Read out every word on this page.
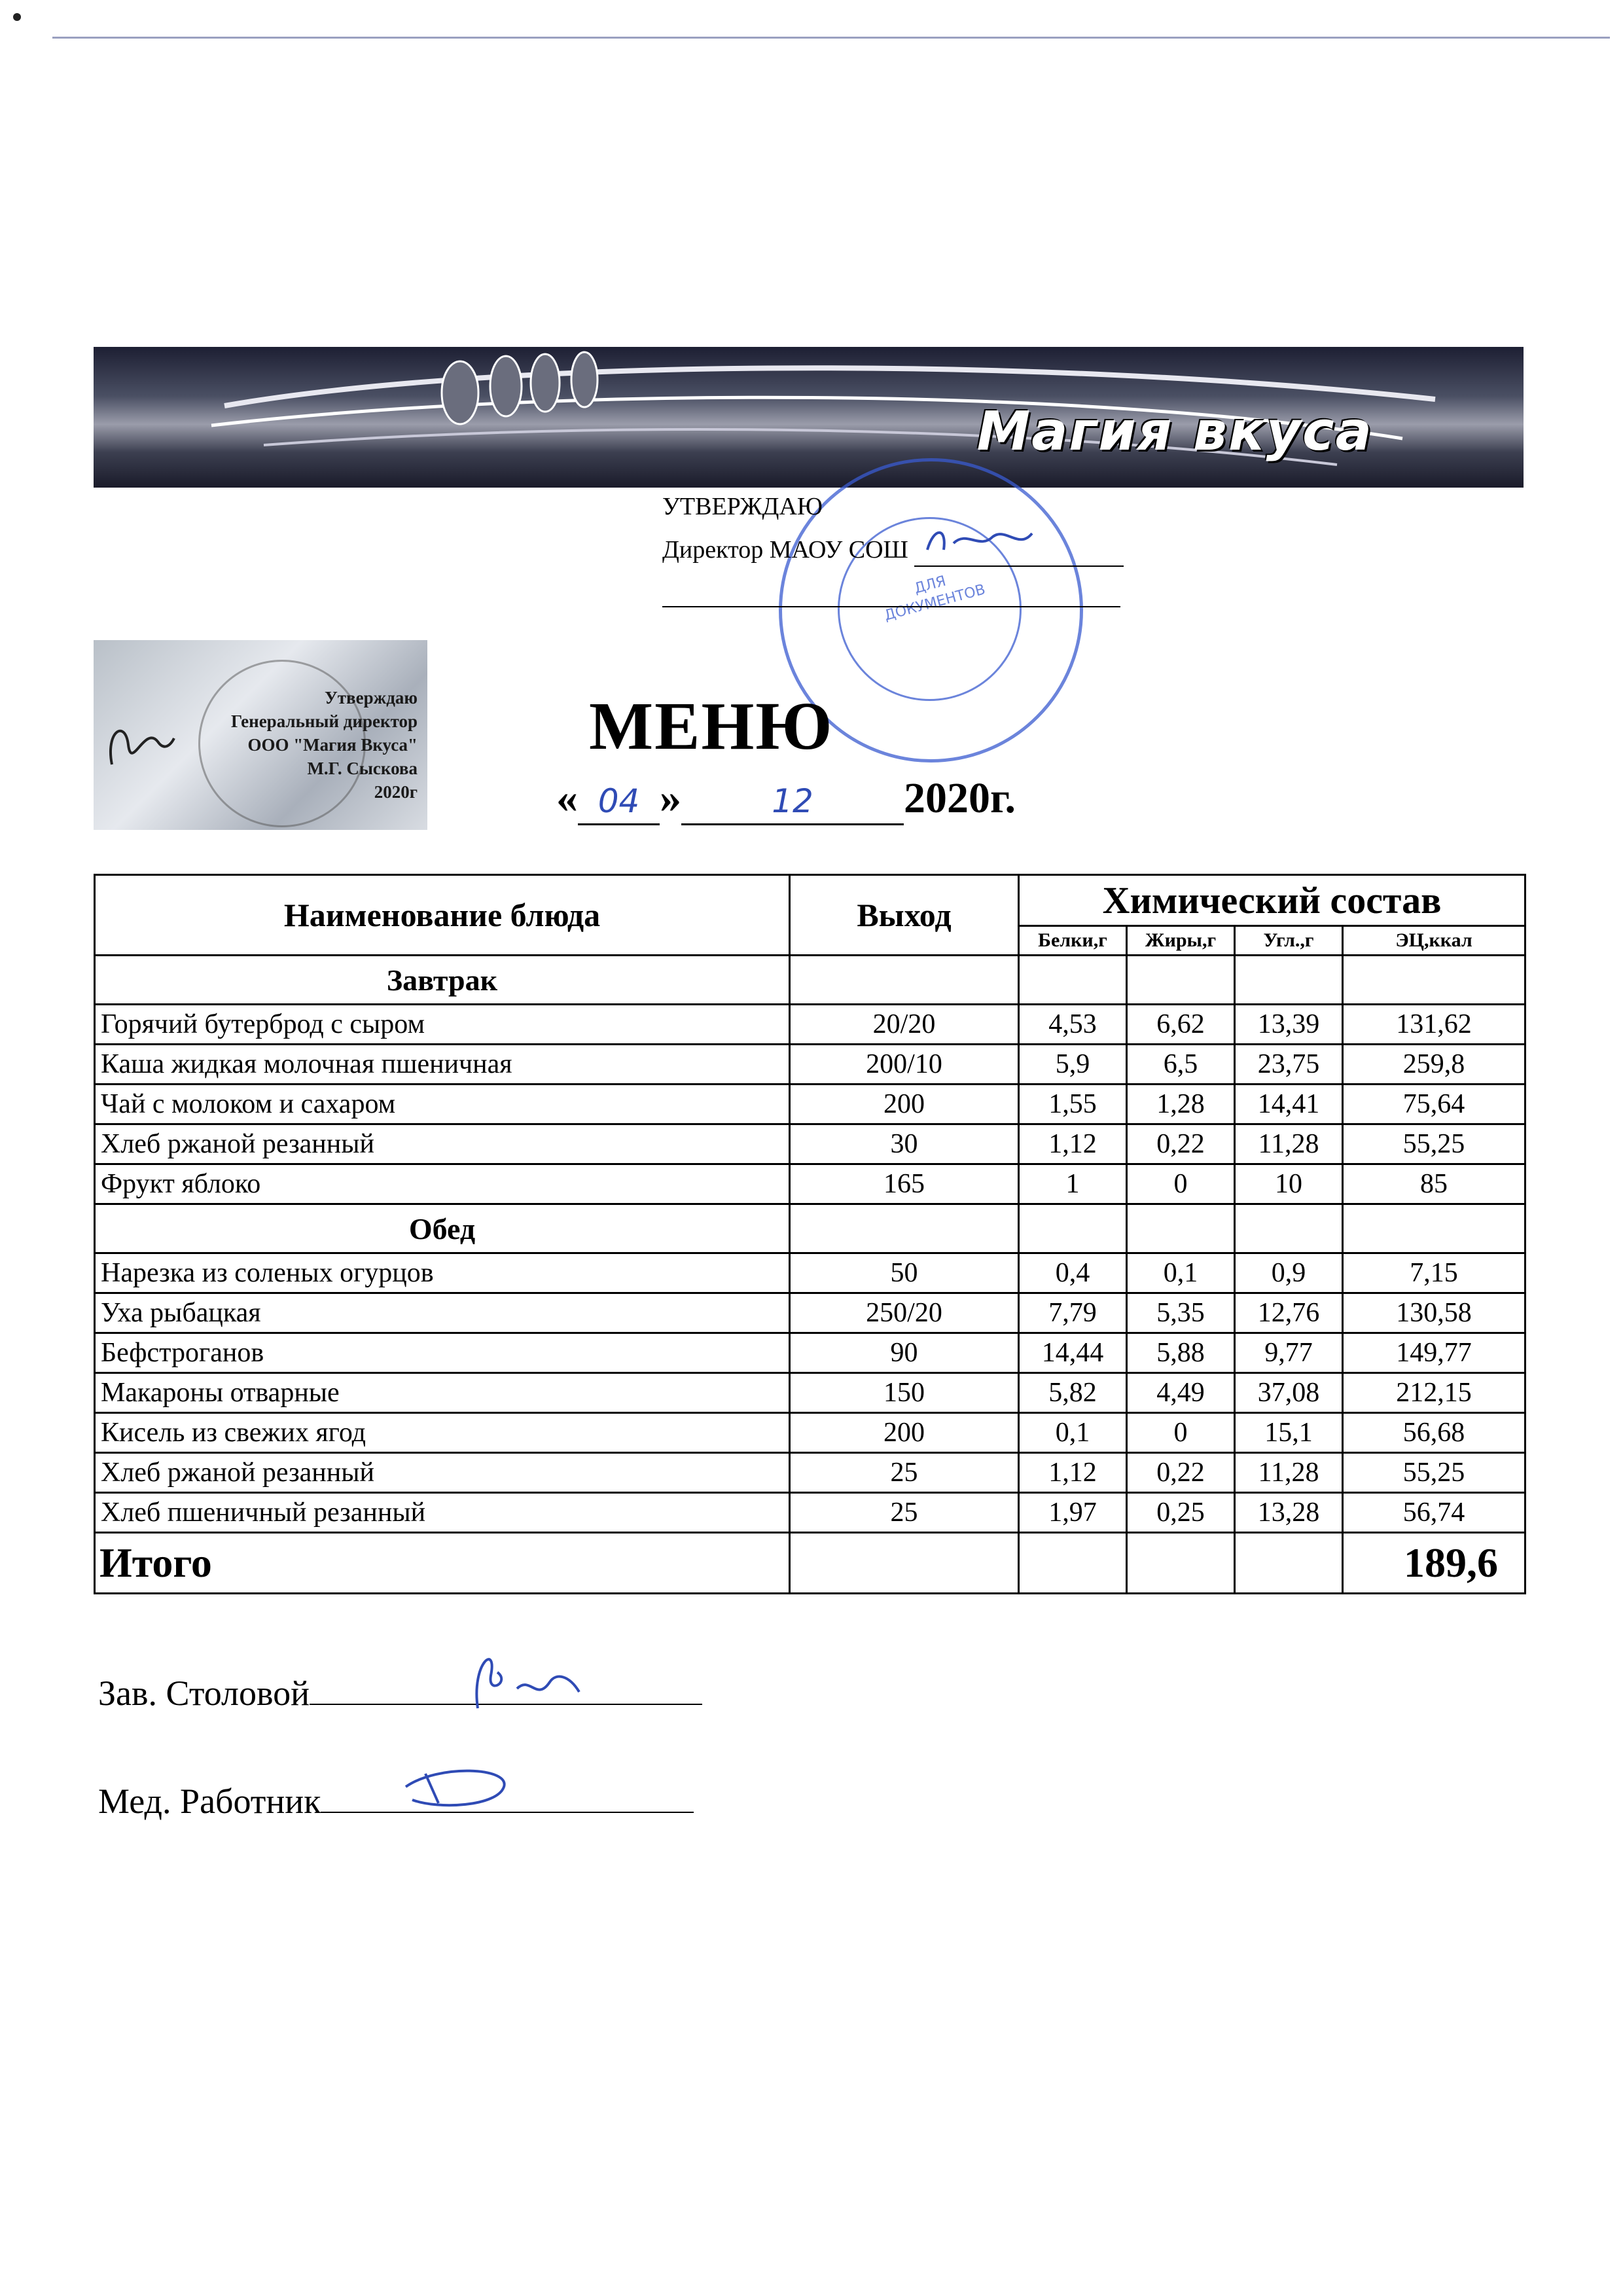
Магия вкуса
ДЛЯ ДОКУМЕНТОВ
УТВЕРЖДАЮ
Директор МАОУ СОШ
Утверждаю
Генеральный директор
ООО "Магия Вкуса"
М.Г. Сыскова
2020г
МЕНЮ
« 04 »	12 2020г.
Наименование блюда	Выход	Химический состав			
		Белки,г	Жиры,г	Угл.,г	ЭЦ,ккал
Завтрак					
Горячий бутерброд с сыром	20/20	4,53	6,62	13,39	131,62
Каша жидкая молочная пшеничная	200/10	5,9	6,5	23,75	259,8
Чай с молоком и сахаром	200	1,55	1,28	14,41	75,64
Хлеб ржаной резанный	30	1,12	0,22	11,28	55,25
Фрукт яблоко	165	1	0	10	85
Обед					
Нарезка из соленых огурцов	50	0,4	0,1	0,9	7,15
Уха рыбацкая	250/20	7,79	5,35	12,76	130,58
Бефстроганов	90	14,44	5,88	9,77	149,77
Макароны отварные	150	5,82	4,49	37,08	212,15
Кисель из свежих ягод	200	0,1	0	15,1	56,68
Хлеб ржаной резанный	25	1,12	0,22	11,28	55,25
Хлеб пшеничный резанный	25	1,97	0,25	13,28	56,74
Итого					189,6
Зав. Столовой
Мед. Работник
